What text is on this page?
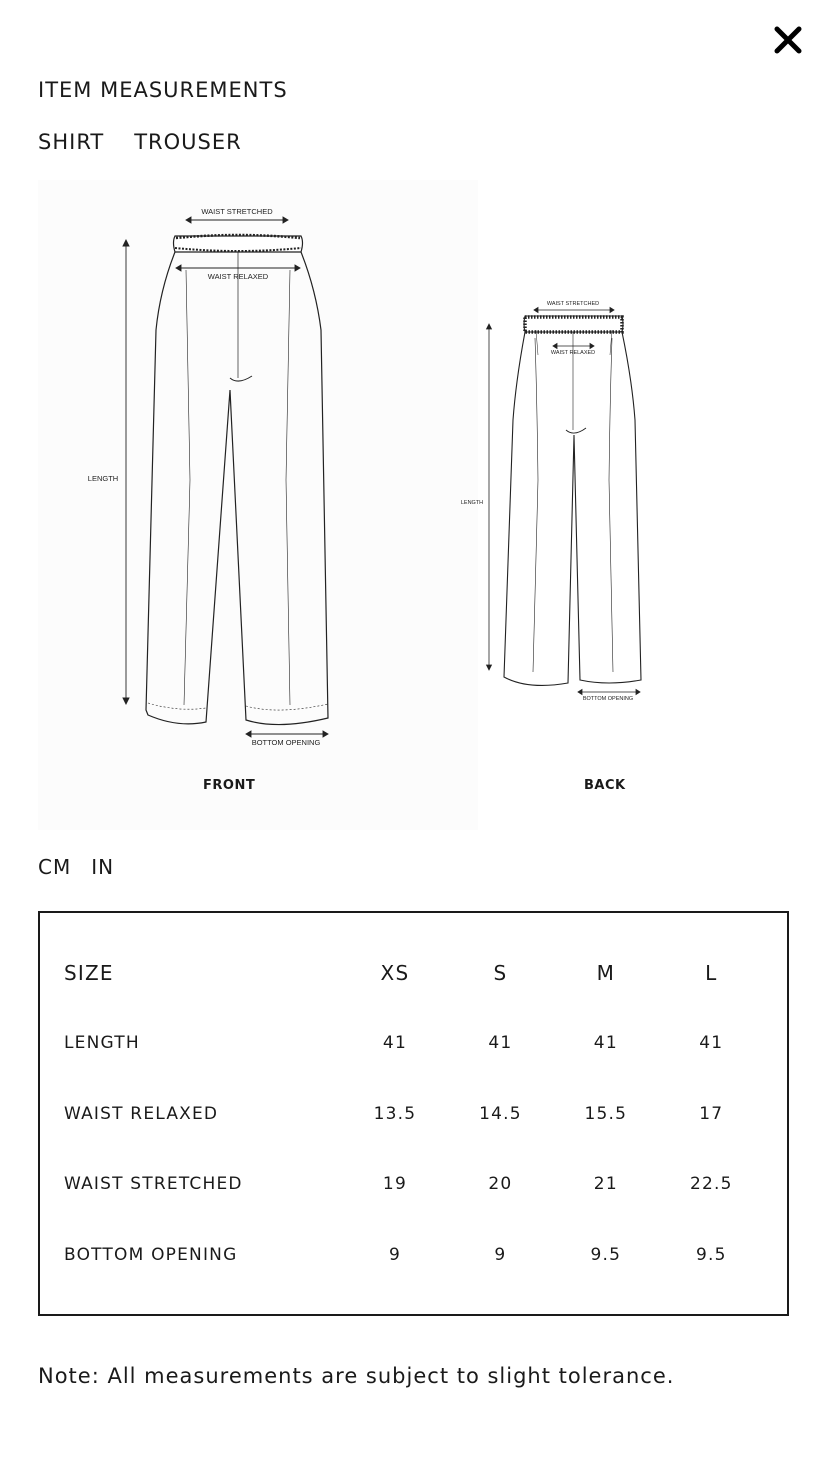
ITEM MEASUREMENTS
SHIRT TROUSER
WAIST STRETCHED
WAIST RELAXED
LENGTH
BOTTOM OPENING
WAIST STRETCHED
WAIST RELAXED
LENGTH
BOTTOM OPENING
FRONT	BACK
CM IN
SIZE	XS	S	M	L
LENGTH	41	41	41	41
WAIST RELAXED	13.5	14.5	15.5	17
WAIST STRETCHED	19	20	21	22.5
BOTTOM OPENING	9	9	9.5	9.5
Note: All measurements are subject to slight tolerance.
